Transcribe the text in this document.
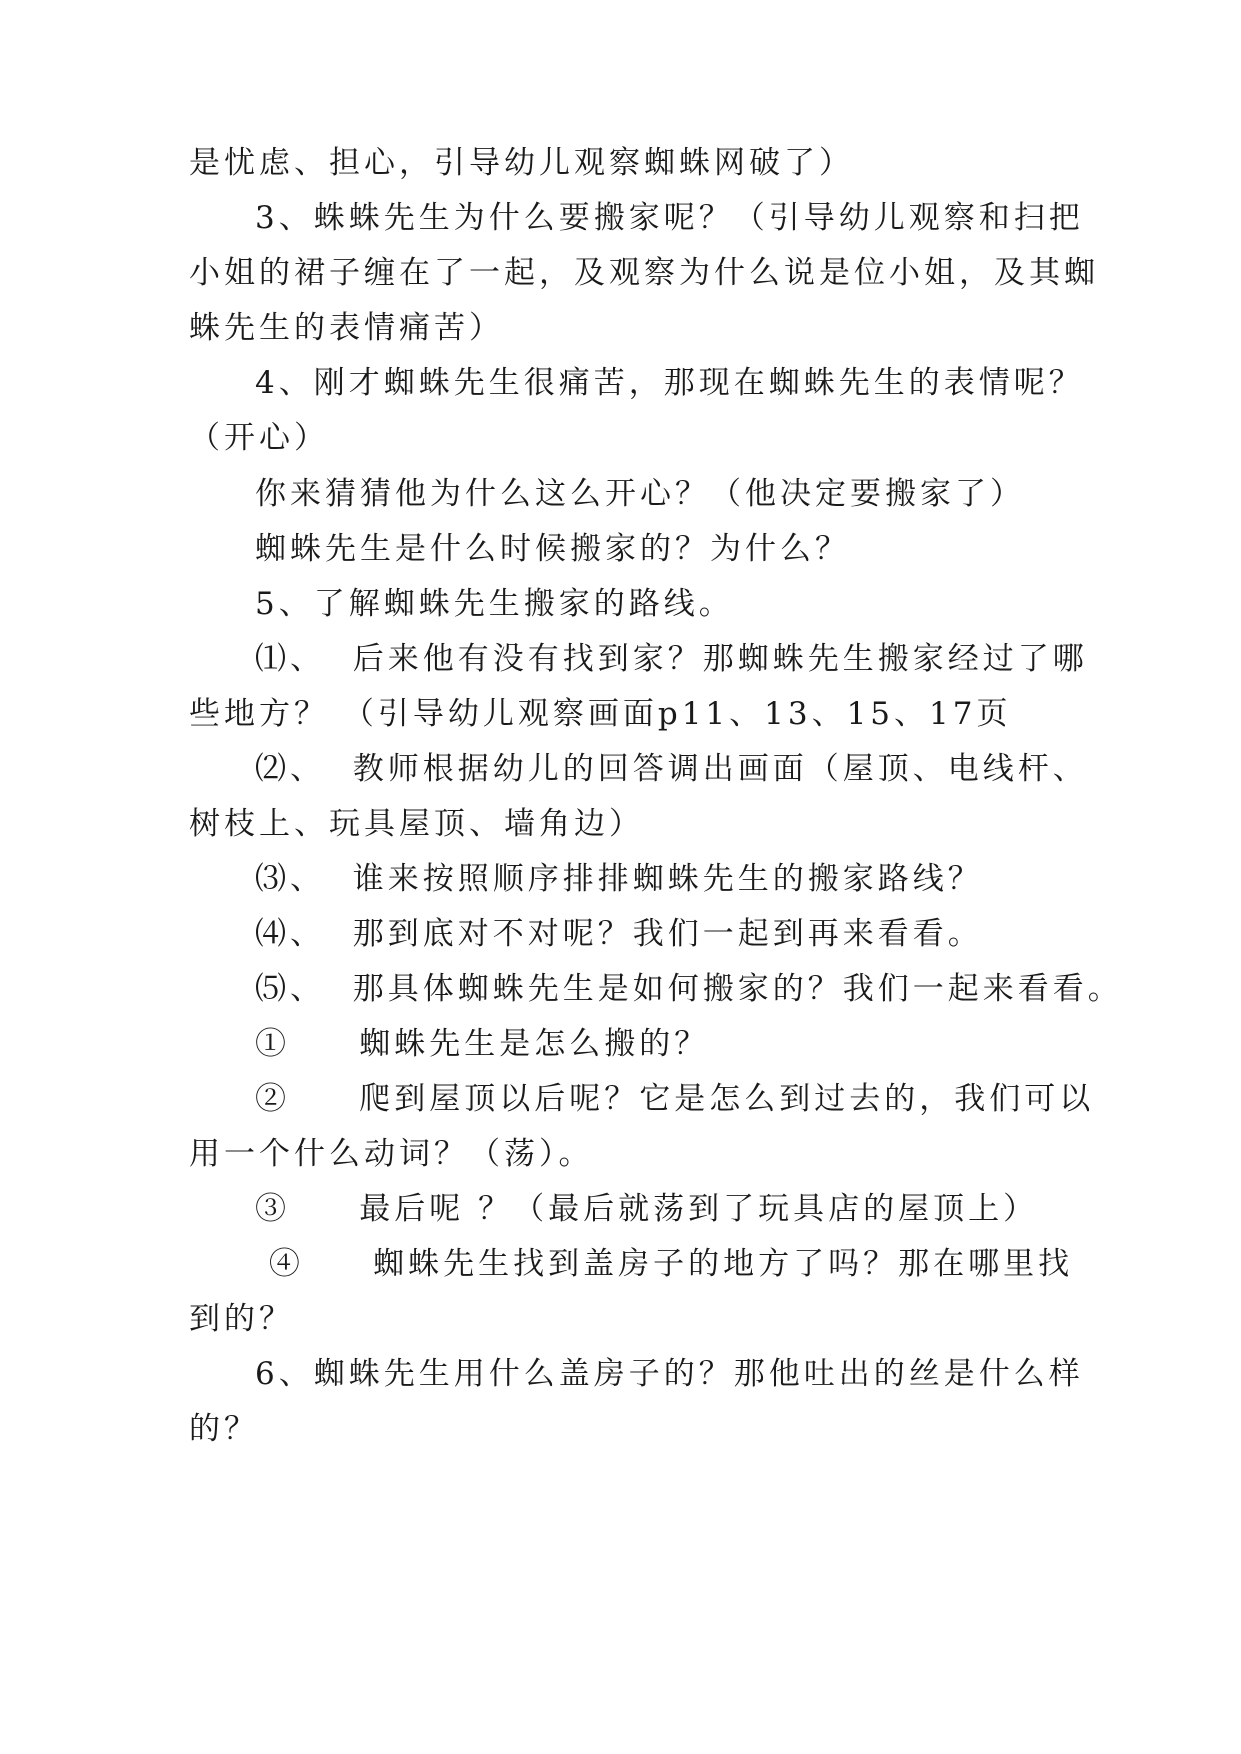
是忧虑、担心，引导幼儿观察蜘蛛网破了）
3、蛛蛛先生为什么要搬家呢？（引导幼儿观察和扫把
小姐的裙子缠在了一起，及观察为什么说是位小姐，及其蜘
蛛先生的表情痛苦）
4、刚才蜘蛛先生很痛苦，那现在蜘蛛先生的表情呢？
（开心）
你来猜猜他为什么这么开心？（他决定要搬家了）
蜘蛛先生是什么时候搬家的？为什么？
5、了解蜘蛛先生搬家的路线。
⑴、  后来他有没有找到家？那蜘蛛先生搬家经过了哪
些地方？ （引导幼儿观察画面p11、13、15、17页
⑵、  教师根据幼儿的回答调出画面（屋顶、电线杆、
树枝上、玩具屋顶、墙角边）
⑶、  谁来按照顺序排排蜘蛛先生的搬家路线？
⑷、  那到底对不对呢？我们一起到再来看看。
⑸、  那具体蜘蛛先生是如何搬家的？我们一起来看看。
①     蜘蛛先生是怎么搬的？
②     爬到屋顶以后呢？它是怎么到过去的，我们可以
用一个什么动词？（荡）。
③     最后呢 ？（最后就荡到了玩具店的屋顶上）
④     蜘蛛先生找到盖房子的地方了吗？那在哪里找
到的？
6、蜘蛛先生用什么盖房子的？那他吐出的丝是什么样
的？
